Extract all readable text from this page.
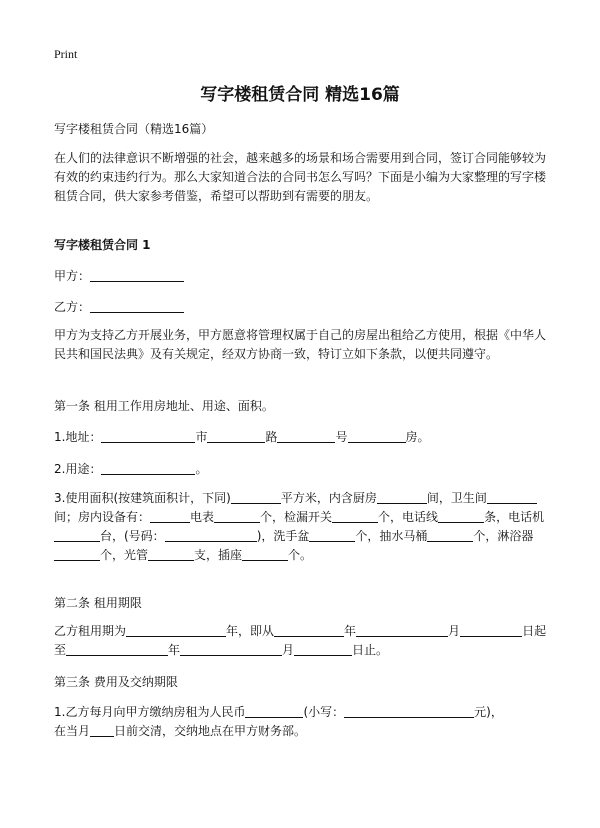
Print
写字楼租赁合同 精选16篇
写字楼租赁合同（精选16篇）
在人们的法律意识不断增强的社会，越来越多的场景和场合需要用到合同，签订合同能够较为有效的约束违约行为。那么大家知道合法的合同书怎么写吗？下面是小编为大家整理的写字楼租赁合同，供大家参考借鉴，希望可以帮助到有需要的朋友。
写字楼租赁合同 1
甲方：
乙方：
甲方为支持乙方开展业务，甲方愿意将管理权属于自己的房屋出租给乙方使用，根据《中华人民共和国民法典》及有关规定，经双方协商一致，特订立如下条款，以便共同遵守。
第一条 租用工作用房地址、用途、面积。
1.地址：	市	路	号	房。
2.用途：	。
3.使用面积(按建筑面积计，下同)	平方米，内含厨房	间，卫生间间；房内设备有：	电表	个，检漏开关	个，电话线	条，电话机台，(号码：	)，洗手盆	个，抽水马桶	个，淋浴器个，光管	支，插座	个。
第二条 租用期限
乙方租用期为	年，即从	年	月	日起至	年	月	日止。
第三条 费用及交纳期限
1.乙方每月向甲方缴纳房租为人民币	(小写：	元)，
在当月 日前交清，交纳地点在甲方财务部。
